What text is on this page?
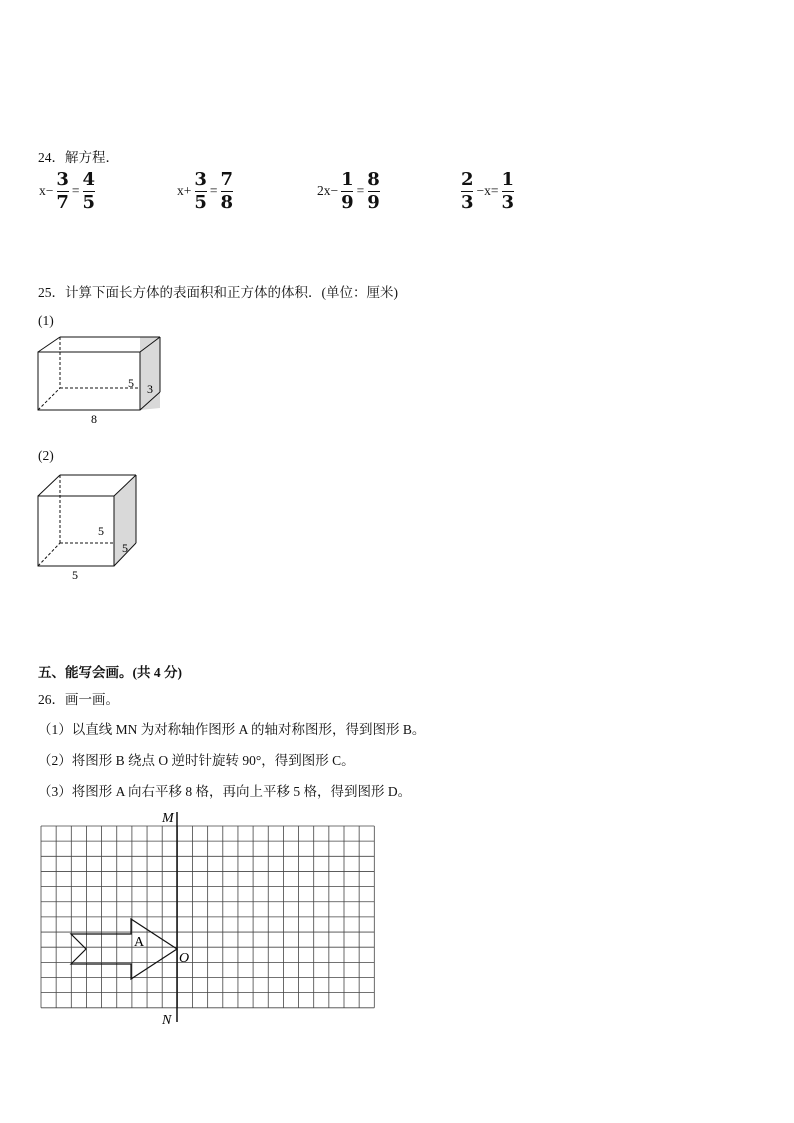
24．解方程．
$x- \frac{3}{7} = \frac{4}{5}$	$x+ \frac{3}{5} = \frac{7}{8}$	$2x- \frac{1}{9} = \frac{8}{9}$	$\frac{2}{3} -x= \frac{1}{3}$
25．计算下面长方体的表面积和正方体的体积．(单位：厘米)
(1)
5 3
8
(2)
5
5
5
五、能写会画。(共 4 分)
26．画一画。
（1）以直线 MN 为对称轴作图形 A 的轴对称图形，得到图形 B。
（2）将图形 B 绕点 O 逆时针旋转 90°，得到图形 C。
（3）将图形 A 向右平移 8 格，再向上平移 5 格，得到图形 D。
A
M
N
O
